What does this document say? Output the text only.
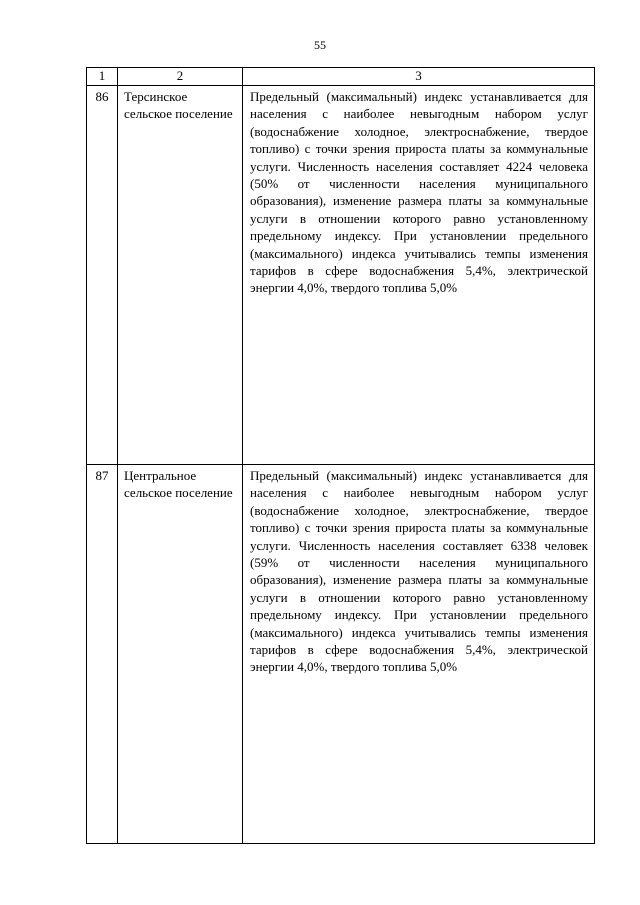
55
1	2	3
86	Терсинское сельское поселение	Предельный (максимальный) индекс устанавливается для населения с наиболее невыгодным набором услуг (водоснабжение холодное, электроснабжение, твердое топливо) с точки зрения прироста платы за коммунальные услуги. Численность населения составляет 4224 человека (50% от численности населения муниципального образования), изменение размера платы за коммунальные услуги в отношении которого равно установленному предельному индексу. При установлении предельного (максимального) индекса учитывались темпы изменения тарифов в сфере водоснабжения 5,4%, электрической энергии 4,0%, твердого топлива 5,0%
87	Центральное сельское поселение	Предельный (максимальный) индекс устанавливается для населения с наиболее невыгодным набором услуг (водоснабжение холодное, электроснабжение, твердое топливо) с точки зрения прироста платы за коммунальные услуги. Численность населения составляет 6338 человек (59% от численности населения муниципального образования), изменение размера платы за коммунальные услуги в отношении которого равно установленному предельному индексу. При установлении предельного (максимального) индекса учитывались темпы изменения тарифов в сфере водоснабжения 5,4%, электрической энергии 4,0%, твердого топлива 5,0%
